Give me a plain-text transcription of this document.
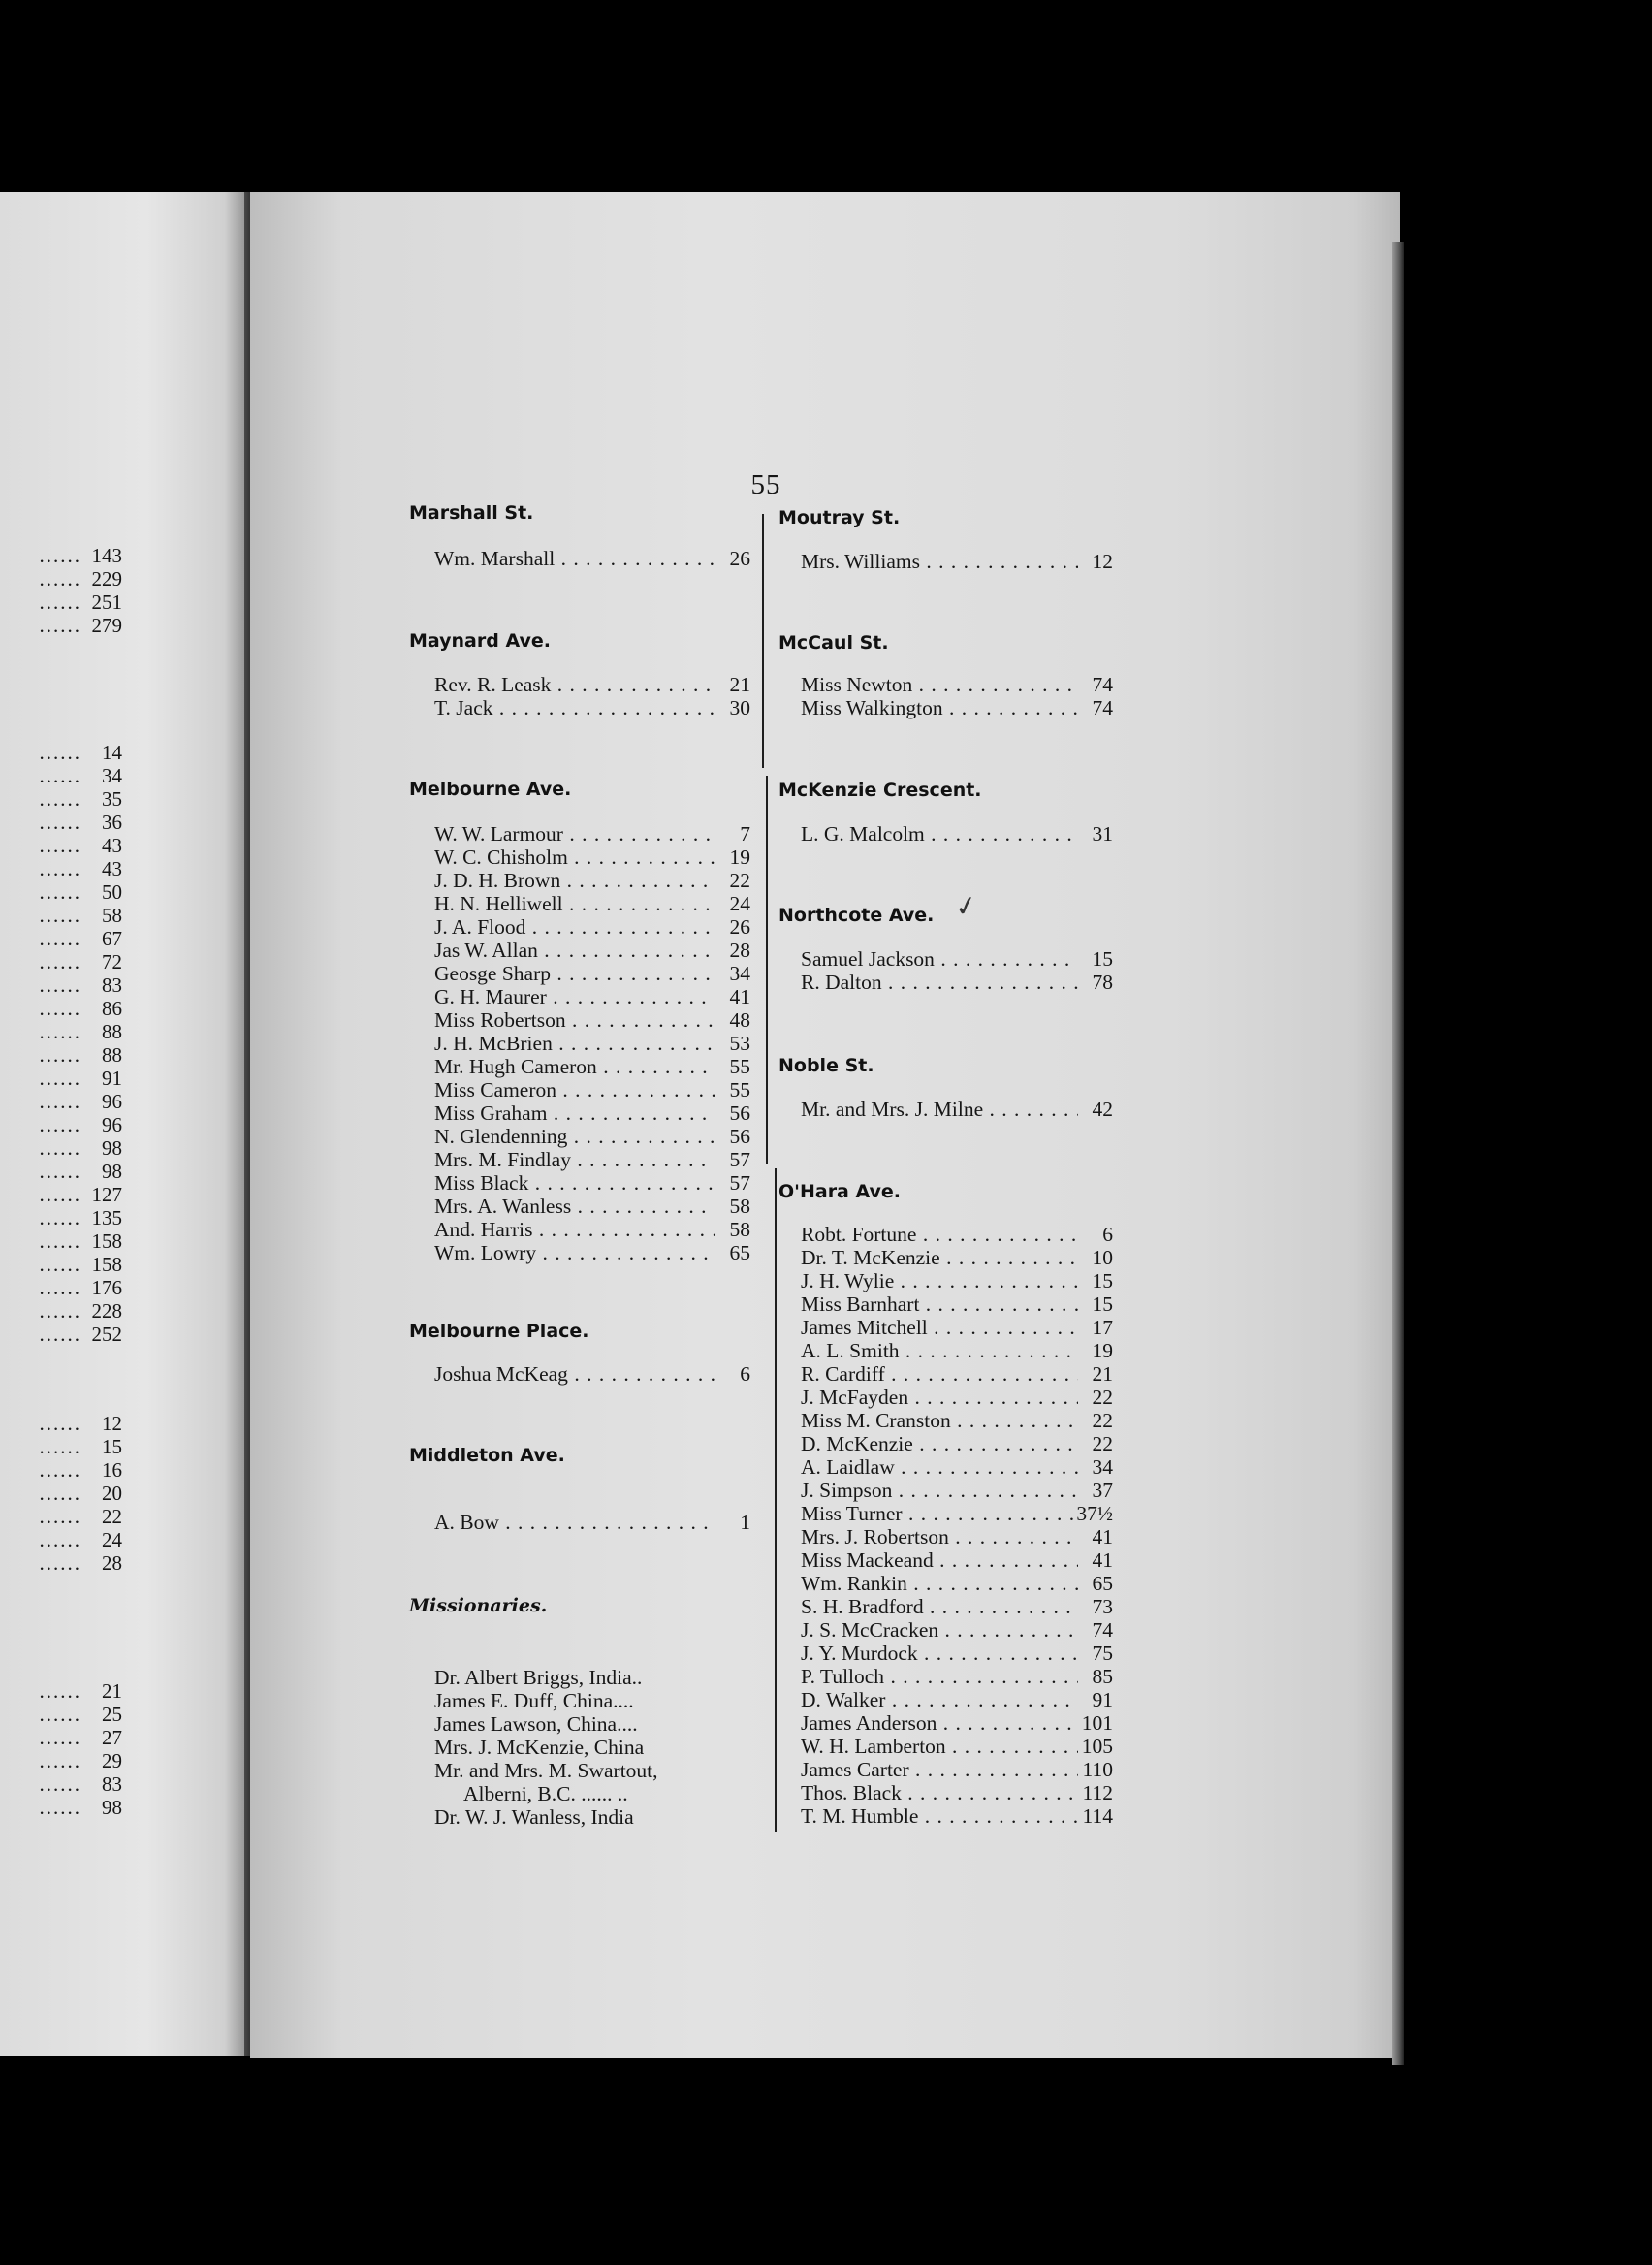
55
...... 143
...... 229
...... 251
...... 279
...... 14
...... 34
...... 35
...... 36
...... 43
...... 43
...... 50
...... 58
...... 67
...... 72
...... 83
...... 86
...... 88
...... 88
...... 91
...... 96
...... 96
...... 98
...... 98
...... 127
...... 135
...... 158
...... 158
...... 176
...... 228
...... 252
...... 12
...... 15
...... 16
...... 20
...... 22
...... 24
...... 28
...... 21
...... 25
...... 27
...... 29
...... 83
...... 98
Marshall St.
Wm. Marshall . . .	26
Maynard Ave.
Rev. R. Leask . . .	21
T. Jack . . .	30
Melbourne Ave.
W. W. Larmour . . .	7
W. C. Chisholm . . .	19
J. D. H. Brown . . .	22
H. N. Helliwell . . .	24
J. A. Flood . . .	26
Jas W. Allan . . .	28
Geosge Sharp . . .	34
G. H. Maurer . . .	41
Miss Robertson . . .	48
J. H. McBrien . . .	53
Mr. Hugh Cameron . . .	55
Miss Cameron . . .	55
Miss Graham . . .	56
N. Glendenning . . .	56
Mrs. M. Findlay . . .	57
Miss Black . . .	57
Mrs. A. Wanless . . .	58
And. Harris . . .	58
Wm. Lowry . . .	65
Melbourne Place.
Joshua McKeag . . .	6
Middleton Ave.
A. Bow . . .	1
Missionaries.
Dr. Albert Briggs, India..
James E. Duff, China....
James Lawson, China....
Mrs. J. McKenzie, China
Mr. and Mrs. M. Swartout,
Alberni, B.C. ...... ..
Dr. W. J. Wanless, India
Moutray St.
Mrs. Williams . . .	12
McCaul St.
Miss Newton . . .	74
Miss Walkington . . .	74
McKenzie Crescent.
L. G. Malcolm . . .	31
Northcote Ave.
Samuel Jackson . . .	15
R. Dalton . . .	78
Noble St.
Mr. and Mrs. J. Milne . . .	42
O'Hara Ave.
Robt. Fortune . . .	6
Dr. T. McKenzie . . .	10
J. H. Wylie . . .	15
Miss Barnhart . . .	15
James Mitchell . . .	17
A. L. Smith . . .	19
R. Cardiff . . .	21
J. McFayden . . .	22
Miss M. Cranston . . .	22
D. McKenzie . . .	22
A. Laidlaw . . .	34
J. Simpson . . .	37
Miss Turner . . .	37½
Mrs. J. Robertson . . .	41
Miss Mackeand . . .	41
Wm. Rankin . . .	65
S. H. Bradford . . .	73
J. S. McCracken . . .	74
J. Y. Murdock . . .	75
P. Tulloch . . .	85
D. Walker . . .	91
James Anderson . . .	101
W. H. Lamberton . . .	105
James Carter . . .	110
Thos. Black . . .	112
T. M. Humble . . .	114
✓
